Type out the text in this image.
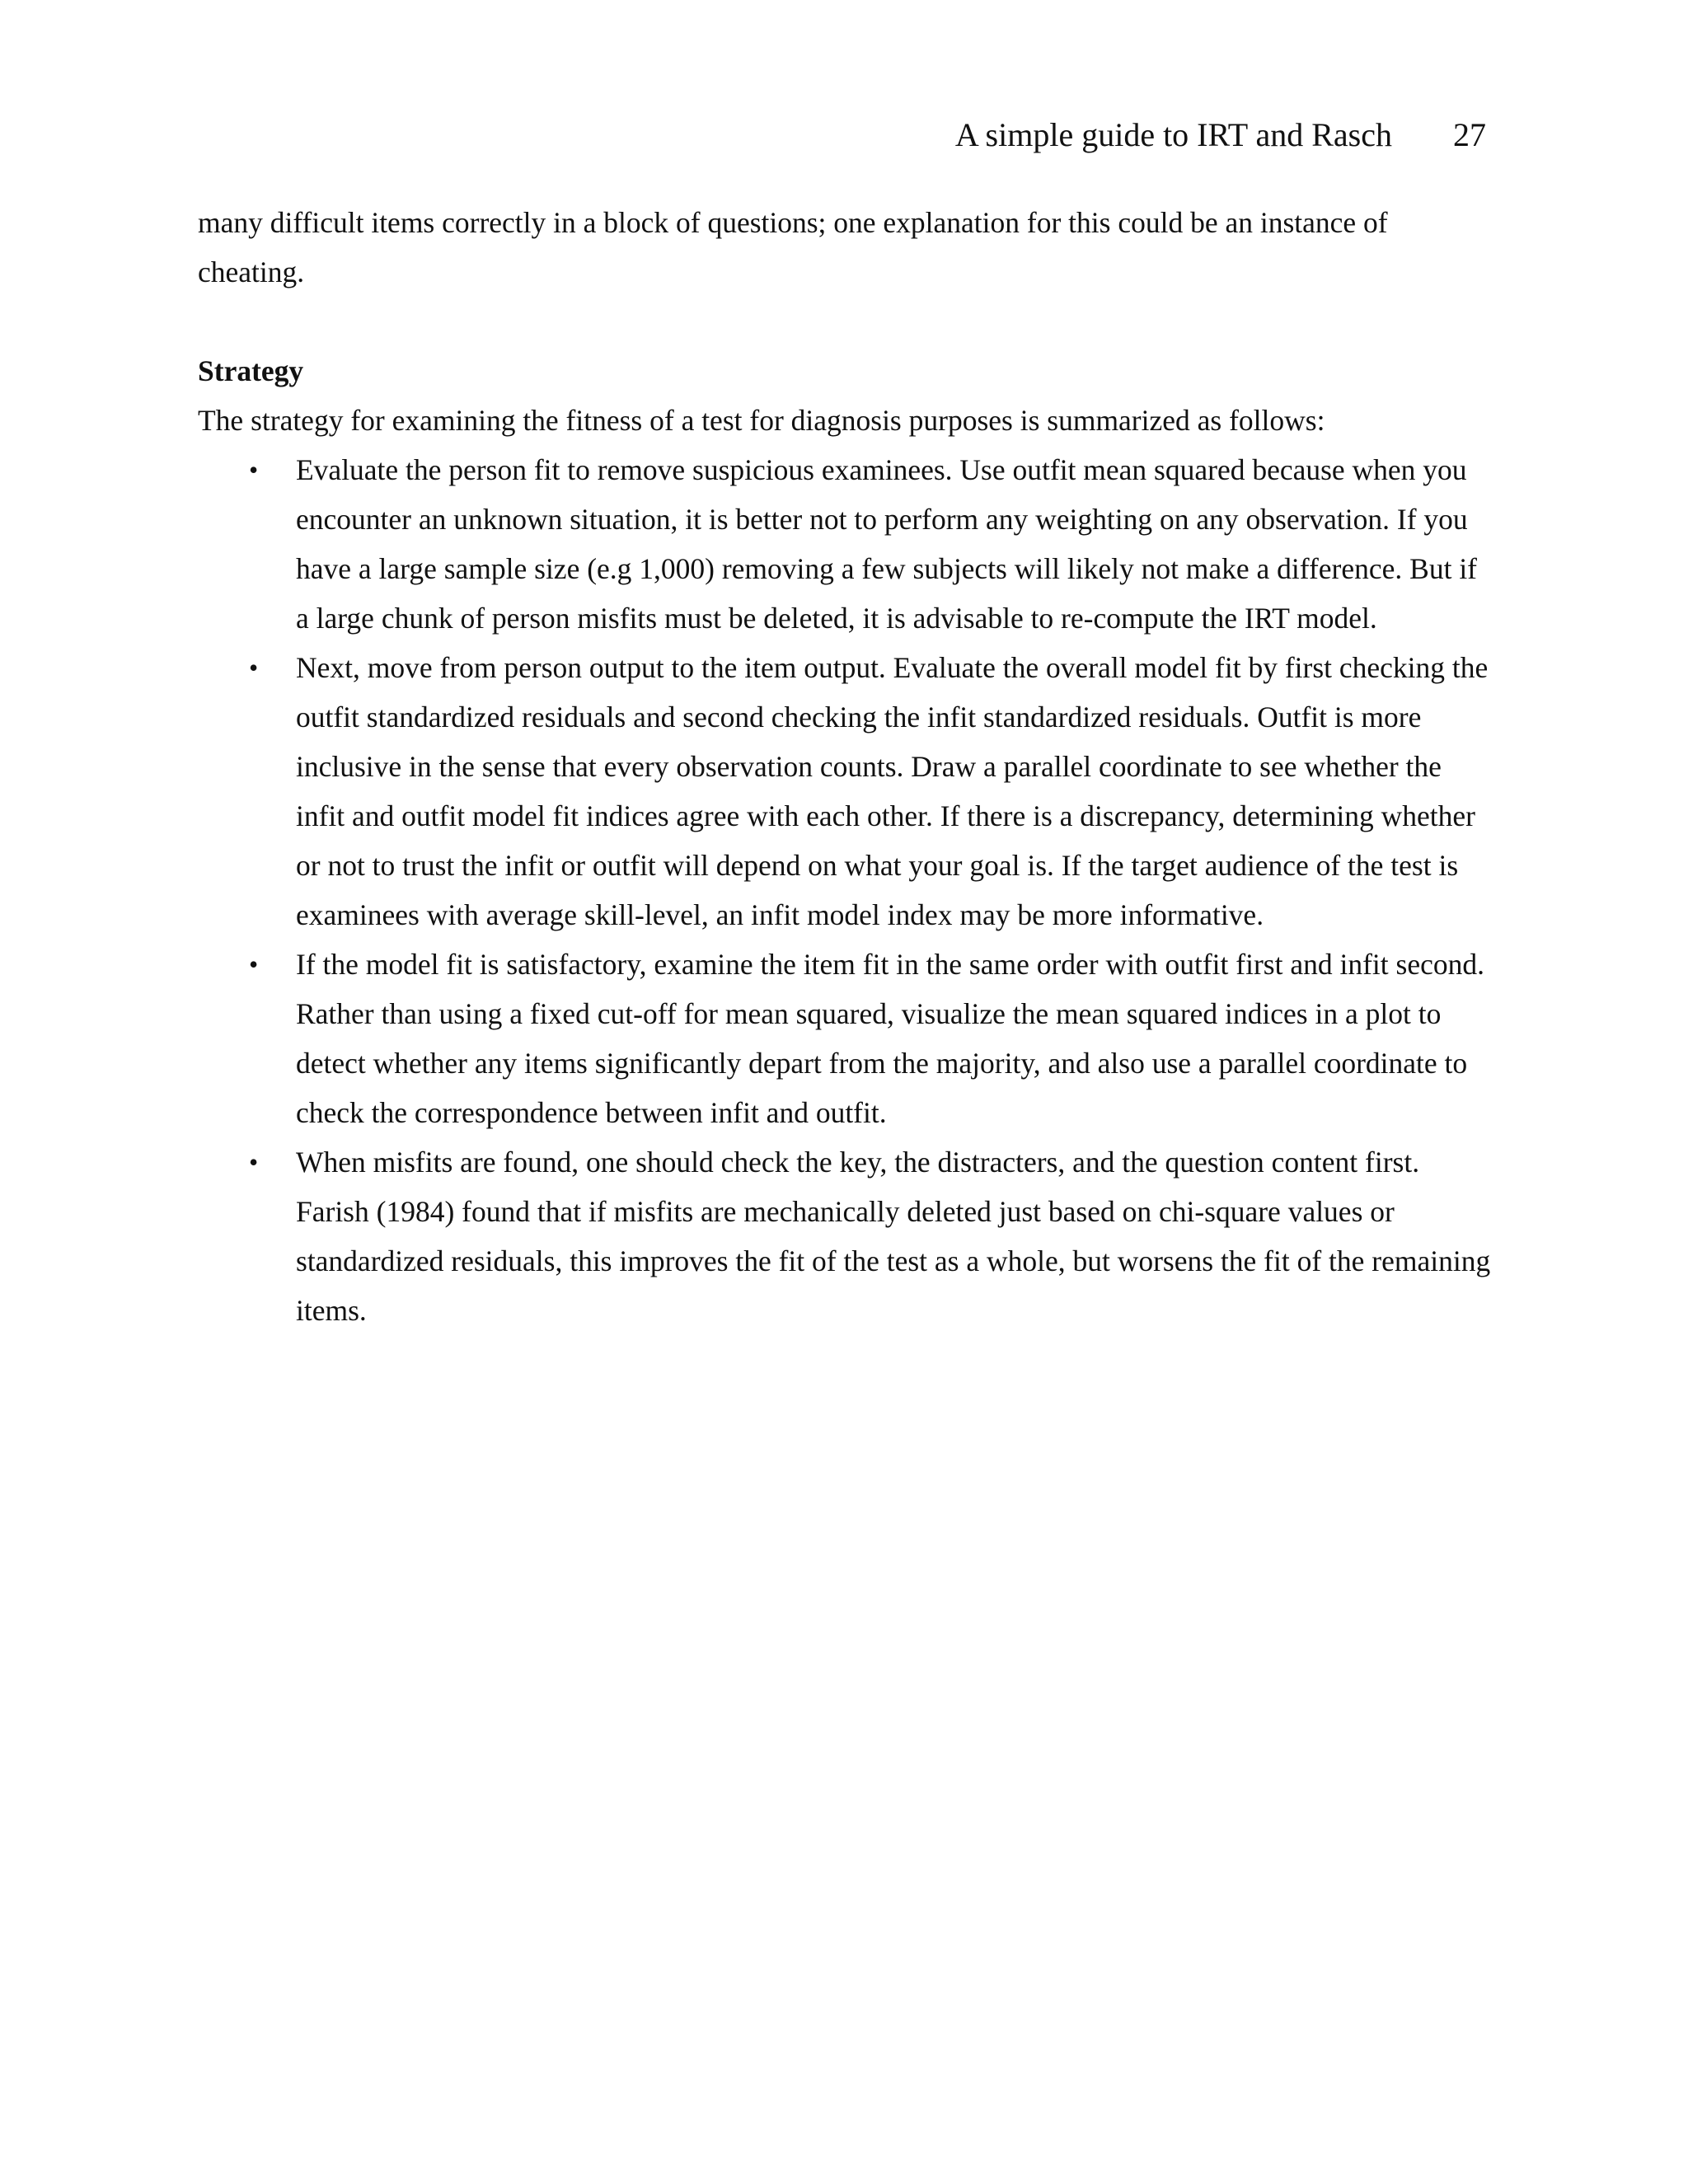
A simple guide to IRT and Rasch 27

many difficult items correctly in a block of questions; one explanation for this could be an instance of cheating.

Strategy

The strategy for examining the fitness of a test for diagnosis purposes is summarized as follows:

• Evaluate the person fit to remove suspicious examinees. Use outfit mean squared because when you encounter an unknown situation, it is better not to perform any weighting on any observation. If you have a large sample size (e.g 1,000) removing a few subjects will likely not make a difference. But if a large chunk of person misfits must be deleted, it is advisable to re-compute the IRT model.
• Next, move from person output to the item output. Evaluate the overall model fit by first checking the outfit standardized residuals and second checking the infit standardized residuals. Outfit is more inclusive in the sense that every observation counts. Draw a parallel coordinate to see whether the infit and outfit model fit indices agree with each other. If there is a discrepancy, determining whether or not to trust the infit or outfit will depend on what your goal is. If the target audience of the test is examinees with average skill-level, an infit model index may be more informative.
• If the model fit is satisfactory, examine the item fit in the same order with outfit first and infit second. Rather than using a fixed cut-off for mean squared, visualize the mean squared indices in a plot to detect whether any items significantly depart from the majority, and also use a parallel coordinate to check the correspondence between infit and outfit.
• When misfits are found, one should check the key, the distracters, and the question content first. Farish (1984) found that if misfits are mechanically deleted just based on chi-square values or standardized residuals, this improves the fit of the test as a whole, but worsens the fit of the remaining items.
